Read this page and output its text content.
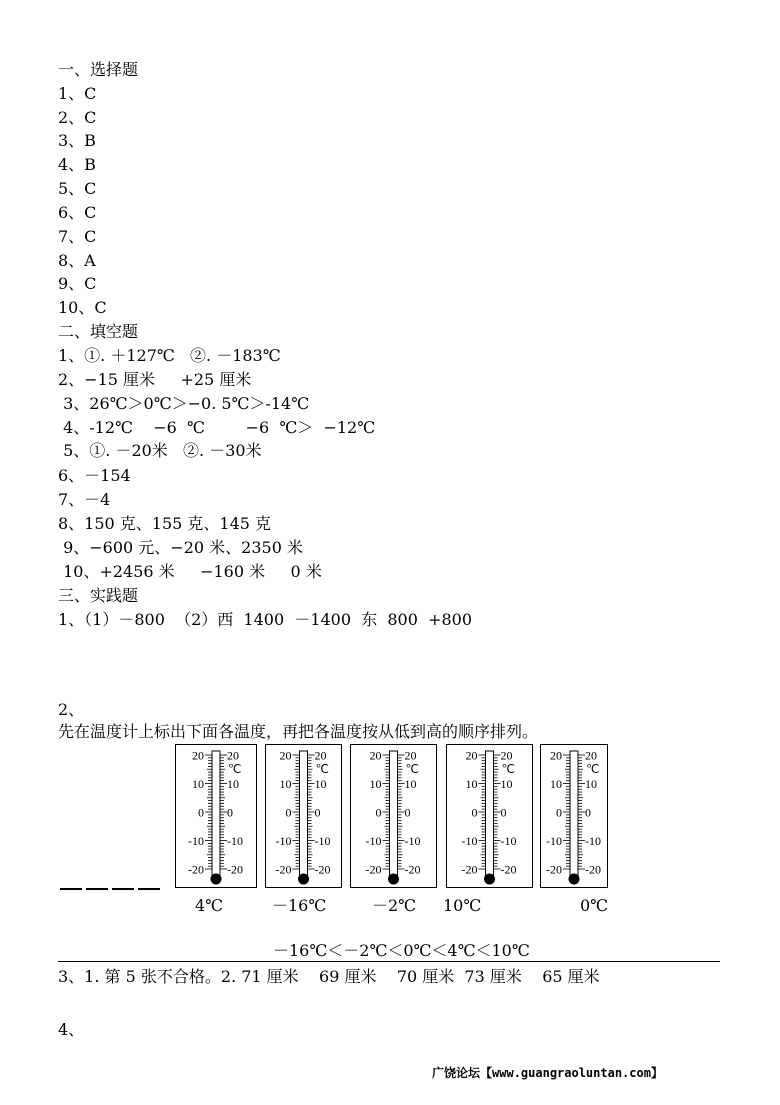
一、选择题
1、C
2、C
3、B
4、B
5、C
6、C
7、C
8、A
9、C
10、C
二、填空题
1、①. ＋127℃   ②. －183℃
2、−15 厘米     +25 厘米
3、26℃＞0℃＞−0. 5℃＞-14℃
4、-12℃    −6  ℃        −6  ℃＞  −12℃
5、①. －20米   ②. －30米
6、－154
7、－4
8、150 克、155 克、145 克
9、−600 元、−20 米、2350 米
10、+2456 米     −160 米     0 米
三、实践题
1、（1）－800  （2）西  1400  －1400  东  800  +800
2、
先在温度计上标出下面各温度，再把各温度按从低到高的顺序排列。
20 20
10 10
0 0
-10 -10
-20 -20
℃
20 20
10 10
0 0
-10 -10
-20 -20
℃
20 20
10 10
0 0
-10 -10
-20 -20
℃
20 20
10 10
0 0
-10 -10
-20 -20
℃
20 20
10 10
0 0
-10 -10
-20 -20
℃
4℃	－16℃	－2℃ 10℃	0℃
－16℃＜－2℃＜0℃＜4℃＜10℃
3、1. 第 5 张不合格。2. 71 厘米    69 厘米    70 厘米  73 厘米    65 厘米
4、
广饶论坛【www.guangraoluntan.com】
